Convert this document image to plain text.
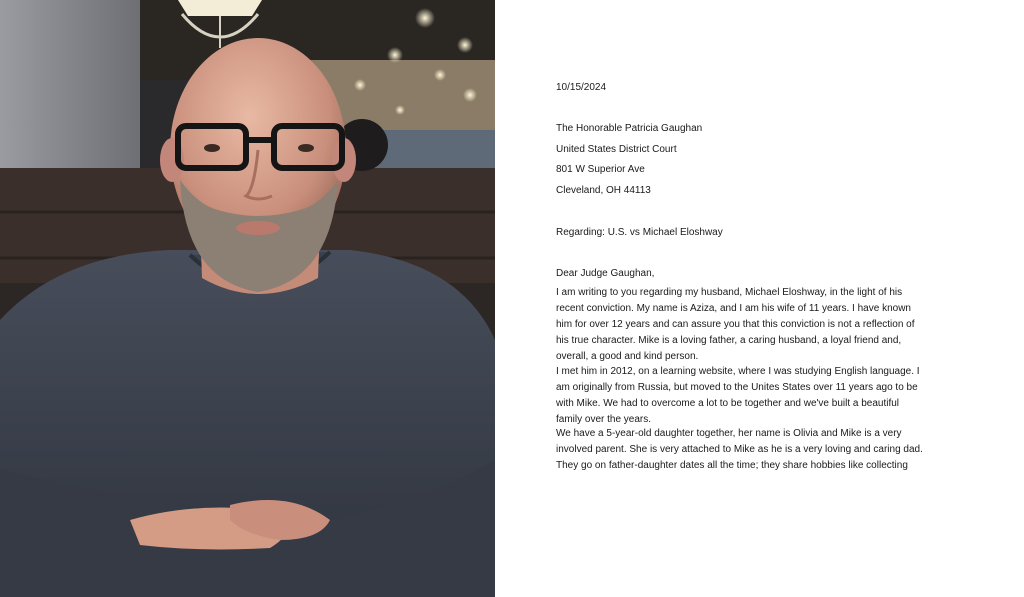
10/15/2024
The Honorable Patricia Gaughan
United States District Court
801 W Superior Ave
Cleveland, OH 44113
Regarding: U.S. vs Michael Eloshway
Dear Judge Gaughan,
I am writing to you regarding my husband, Michael Eloshway, in the light of his
recent conviction. My name is Aziza, and I am his wife of 11 years. I have known
him for over 12 years and can assure you that this conviction is not a reflection of
his true character. Mike is a loving father, a caring husband, a loyal friend and,
overall, a good and kind person.
I met him in 2012, on a learning website, where I was studying English language. I
am originally from Russia, but moved to the Unites States over 11 years ago to be
with Mike. We had to overcome a lot to be together and we've built a beautiful
family over the years.
We have a 5-year-old daughter together, her name is Olivia and Mike is a very
involved parent. She is very attached to Mike as he is a very loving and caring dad.
They go on father-daughter dates all the time; they share hobbies like collecting
